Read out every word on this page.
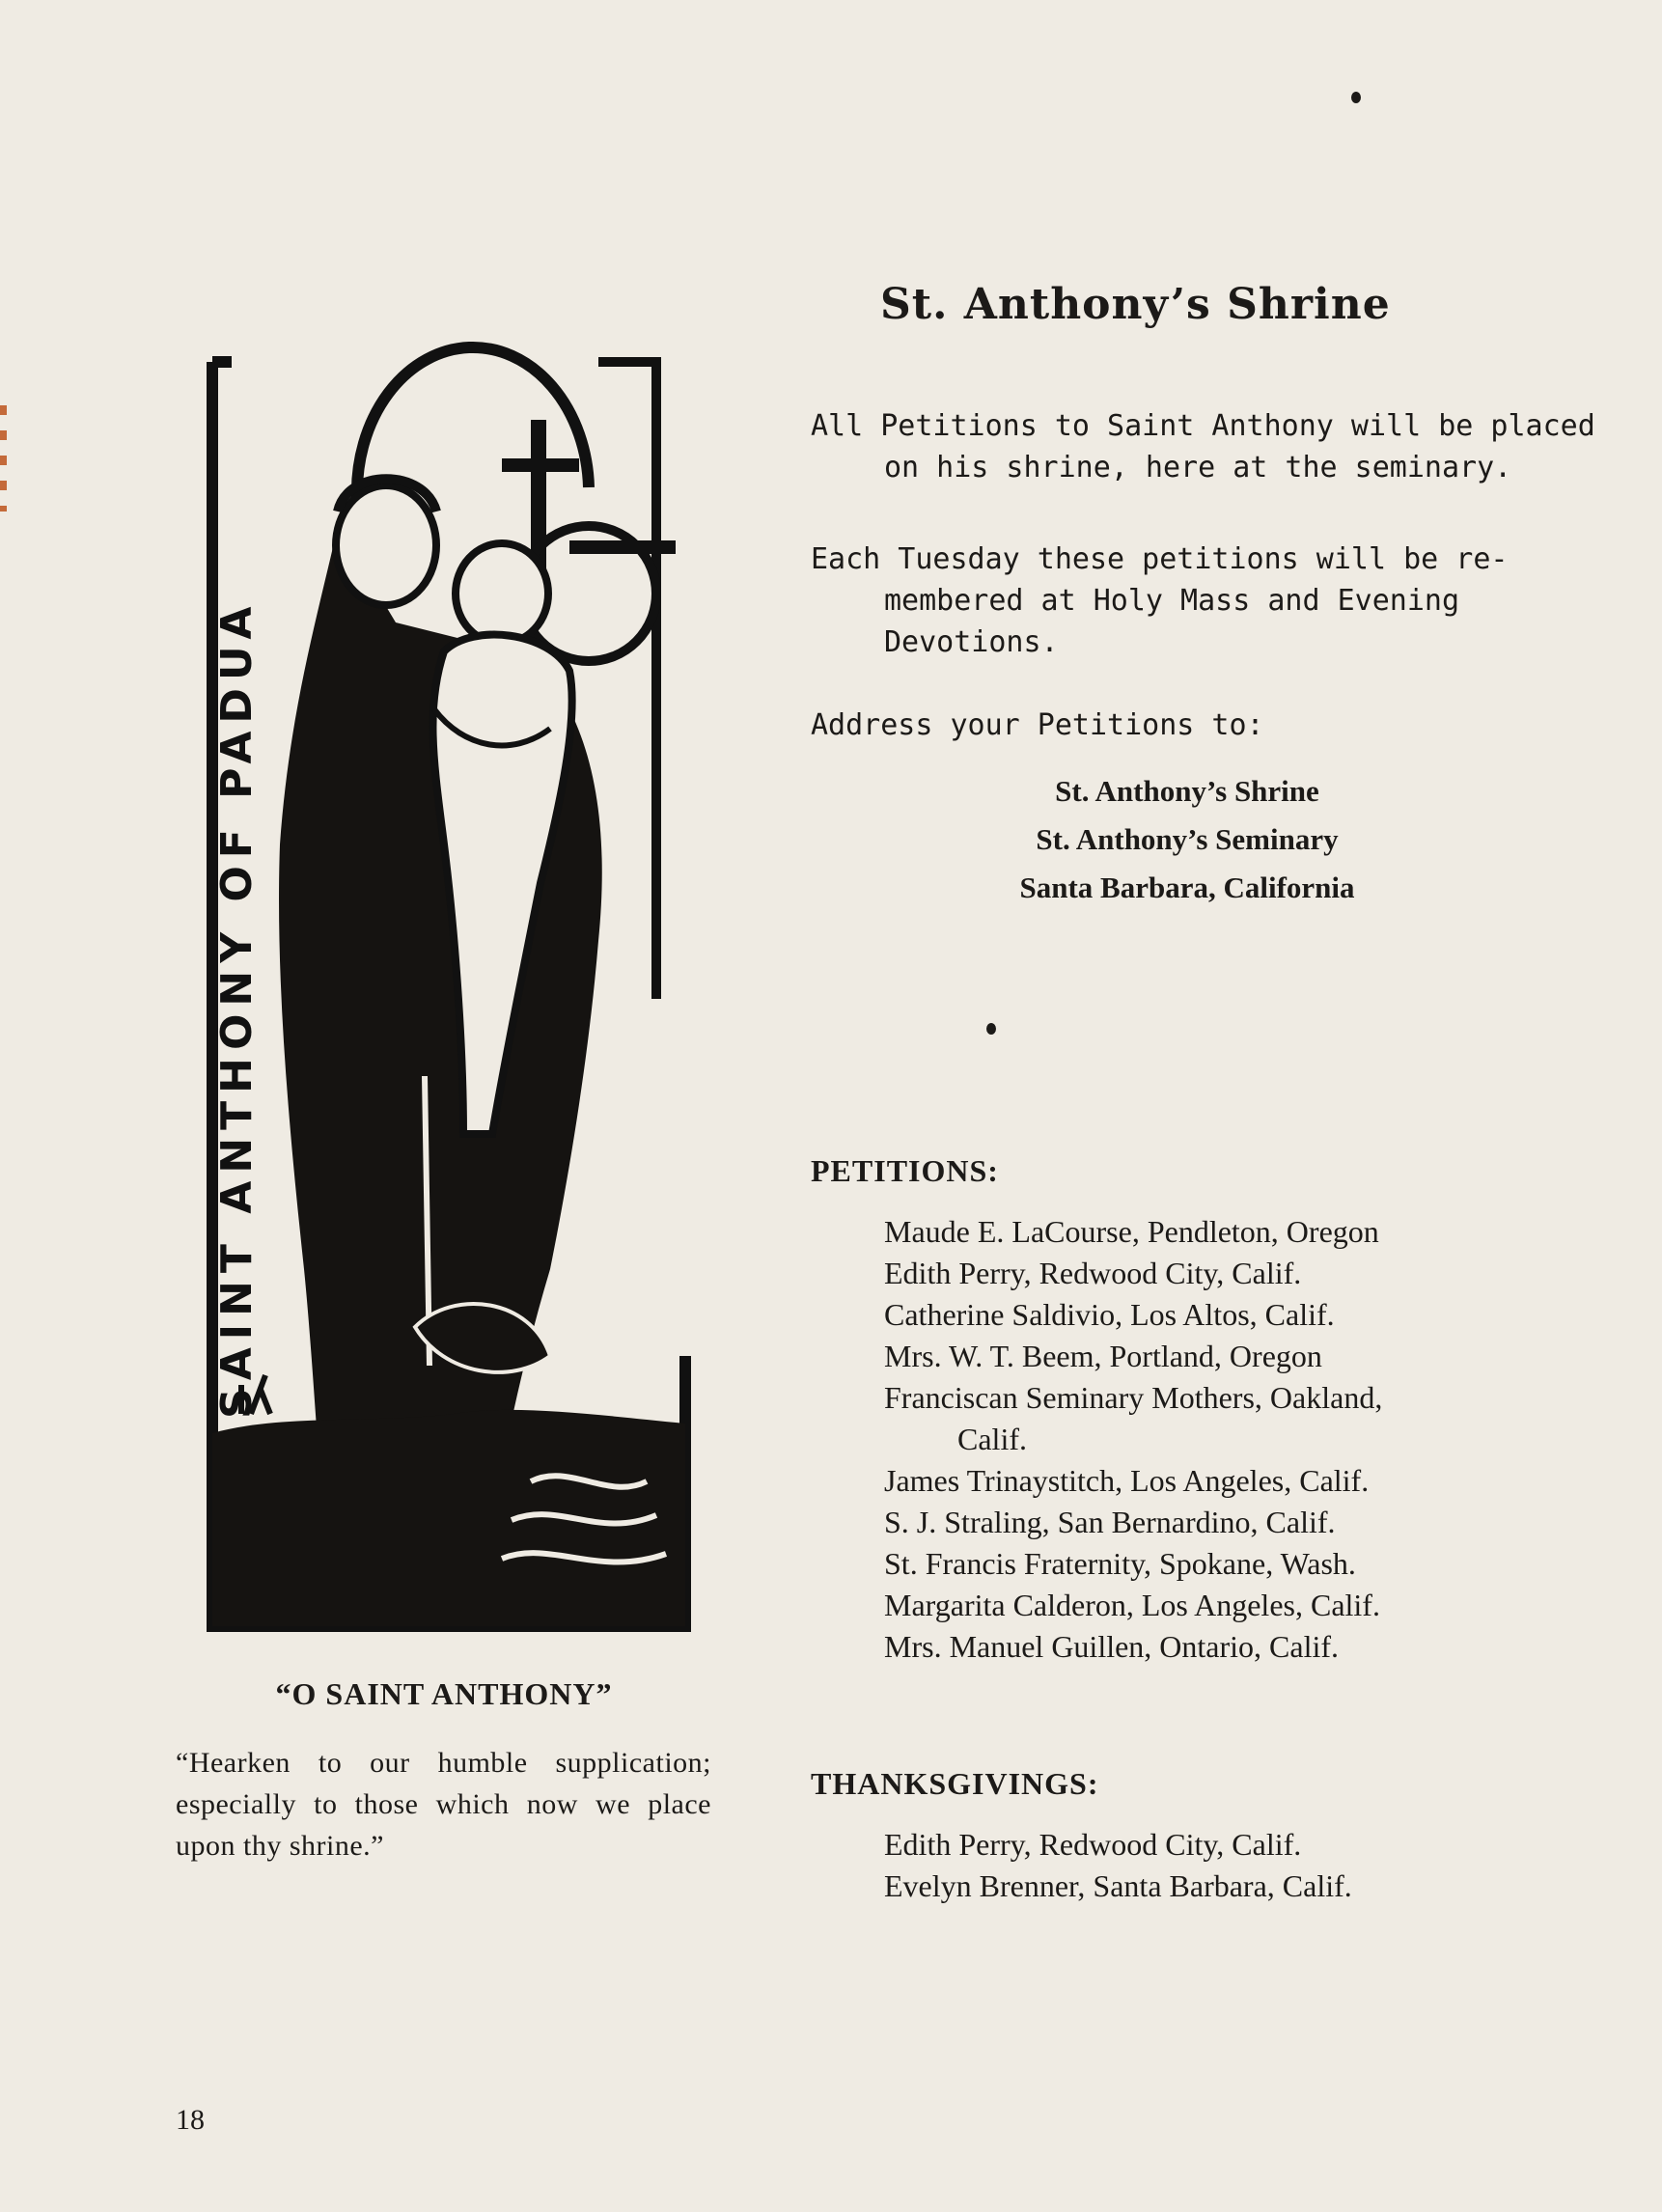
SAINT ANTHONY OF PADUA
“O SAINT ANTHONY”
“Hearken to our humble supplication; especially to those which now we place upon thy shrine.”
18
St. Anthony’s Shrine
All Petitions to Saint Anthony will be placed
on his shrine, here at the seminary.
Each Tuesday these petitions will be re-
membered at Holy Mass and Evening
Devotions.
Address your Petitions to:
St. Anthony’s Shrine
St. Anthony’s Seminary
Santa Barbara, California
PETITIONS:
Maude E. LaCourse, Pendleton, Oregon
Edith Perry, Redwood City, Calif.
Catherine Saldivio, Los Altos, Calif.
Mrs. W. T. Beem, Portland, Oregon
Franciscan Seminary Mothers, Oakland,
Calif.
James Trinaystitch, Los Angeles, Calif.
S. J. Straling, San Bernardino, Calif.
St. Francis Fraternity, Spokane, Wash.
Margarita Calderon, Los Angeles, Calif.
Mrs. Manuel Guillen, Ontario, Calif.
THANKSGIVINGS:
Edith Perry, Redwood City, Calif.
Evelyn Brenner, Santa Barbara, Calif.
